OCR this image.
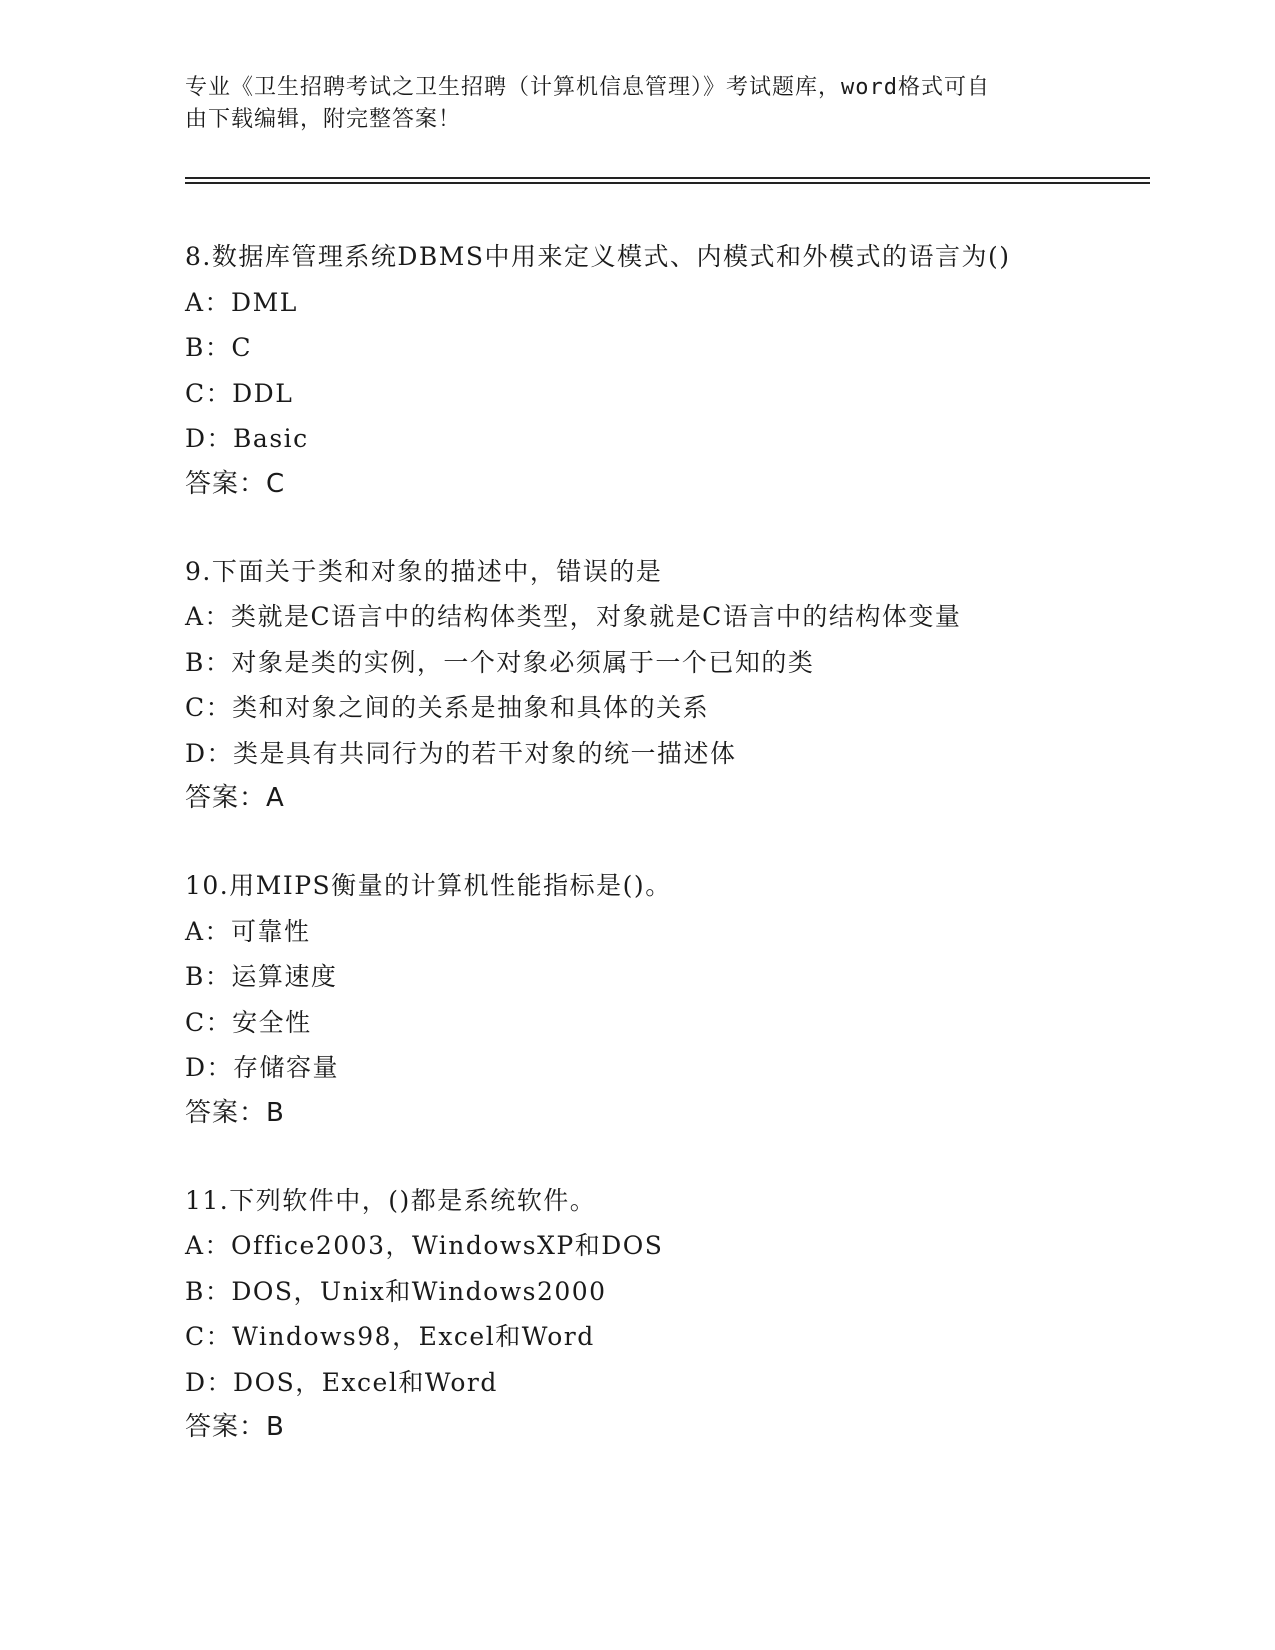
专业《卫生招聘考试之卫生招聘（计算机信息管理）》考试题库，word格式可自
由下载编辑，附完整答案！
8.数据库管理系统DBMS中用来定义模式、内模式和外模式的语言为()
A：DML
B：C
C：DDL
D：Basic
答案：C
9.下面关于类和对象的描述中，错误的是
A：类就是C语言中的结构体类型，对象就是C语言中的结构体变量
B：对象是类的实例，一个对象必须属于一个已知的类
C：类和对象之间的关系是抽象和具体的关系
D：类是具有共同行为的若干对象的统一描述体
答案：A
10.用MIPS衡量的计算机性能指标是()。
A：可靠性
B：运算速度
C：安全性
D：存储容量
答案：B
11.下列软件中，()都是系统软件。
A：Office2003，WindowsXP和DOS
B：DOS，Unix和Windows2000
C：Windows98，Excel和Word
D：DOS，Excel和Word
答案：B
